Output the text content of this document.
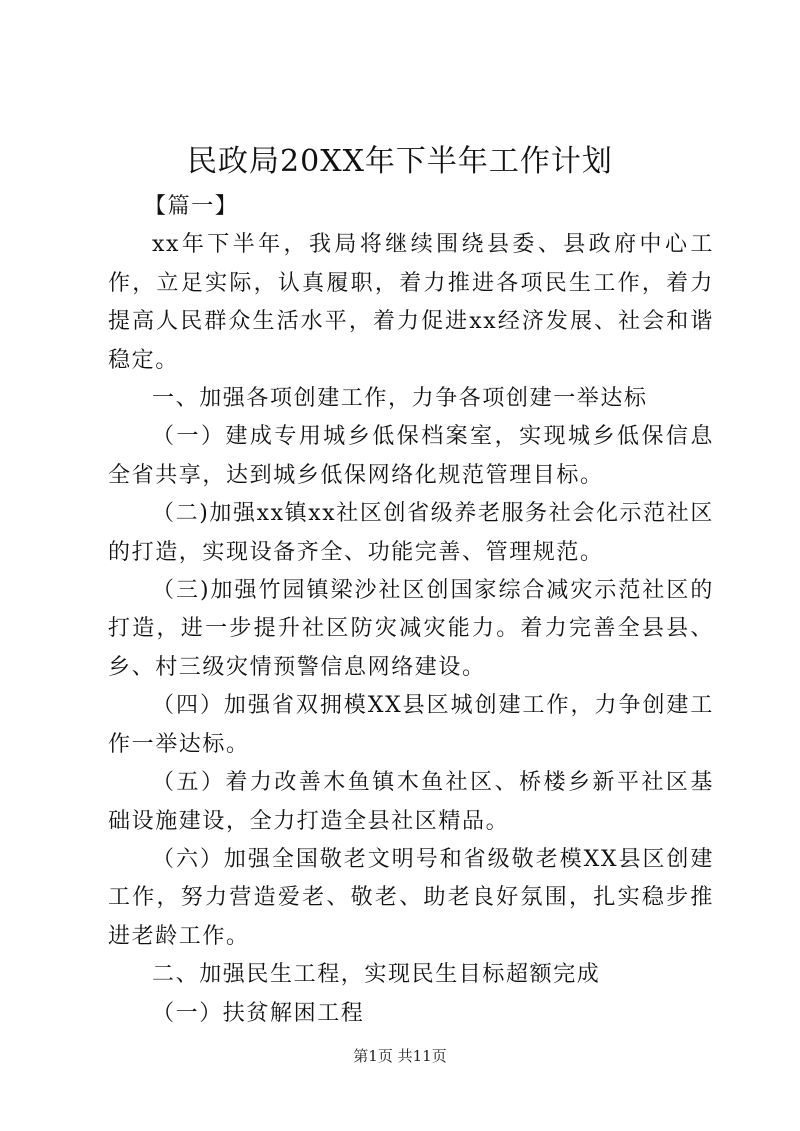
民政局20XX年下半年工作计划

【篇一】

xx年下半年，我局将继续围绕县委、县政府中心工作，立足实际，认真履职，着力推进各项民生工作，着力提高人民群众生活水平，着力促进xx经济发展、社会和谐稳定。

一、加强各项创建工作，力争各项创建一举达标

（一）建成专用城乡低保档案室，实现城乡低保信息全省共享，达到城乡低保网络化规范管理目标。

（二)加强xx镇xx社区创省级养老服务社会化示范社区的打造，实现设备齐全、功能完善、管理规范。

（三)加强竹园镇梁沙社区创国家综合减灾示范社区的打造，进一步提升社区防灾减灾能力。着力完善全县县、乡、村三级灾情预警信息网络建设。

（四）加强省双拥模XX县区城创建工作，力争创建工作一举达标。

（五）着力改善木鱼镇木鱼社区、桥楼乡新平社区基础设施建设，全力打造全县社区精品。

（六）加强全国敬老文明号和省级敬老模XX县区创建工作，努力营造爱老、敬老、助老良好氛围，扎实稳步推进老龄工作。

二、加强民生工程，实现民生目标超额完成

（一）扶贫解困工程

第1页 共11页
